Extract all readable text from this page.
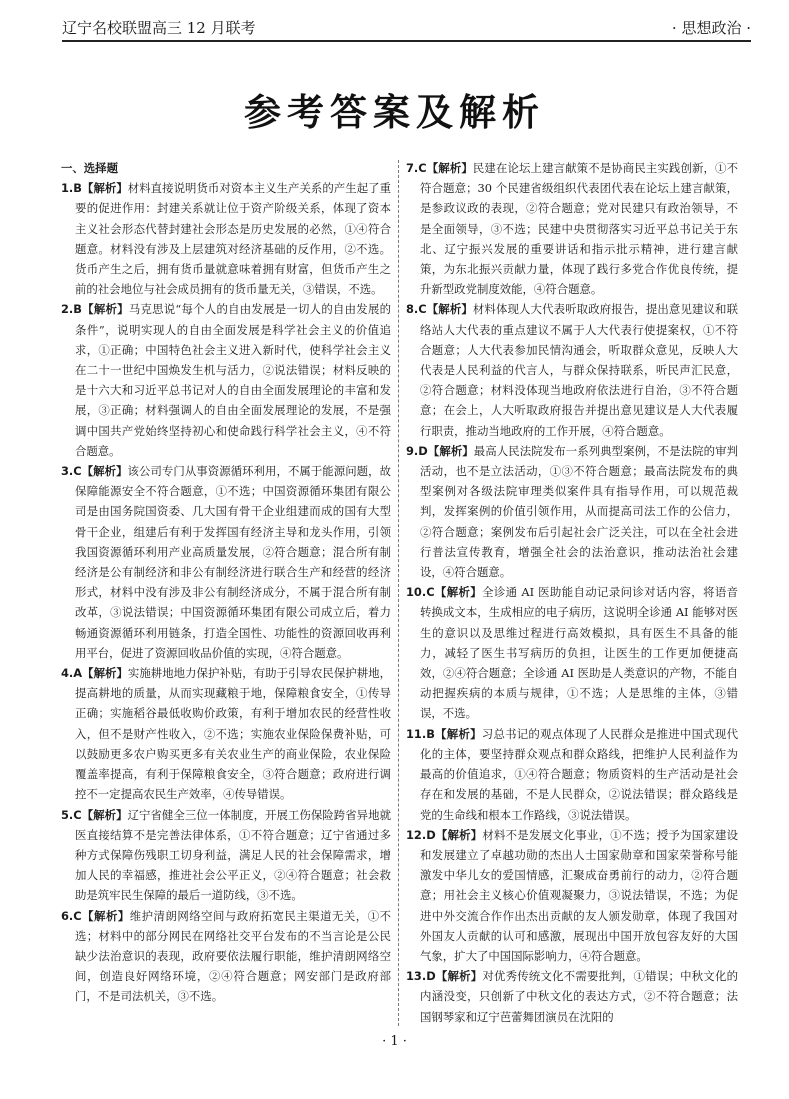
辽宁名校联盟高三 12 月联考	· 思想政治 ·
参考答案及解析

一、选择题

1.B【解析】材料直接说明货币对资本主义生产关系的产生起了重要的促进作用：封建关系就让位于资产阶级关系，体现了资本主义社会形态代替封建社会形态是历史发展的必然，①④符合题意。材料没有涉及上层建筑对经济基础的反作用，②不选。货币产生之后，拥有货币量就意味着拥有财富，但货币产生之前的社会地位与社会成员拥有的货币量无关，③错误，不选。

2.B【解析】马克思说“每个人的自由发展是一切人的自由发展的条件”，说明实现人的自由全面发展是科学社会主义的价值追求，①正确；中国特色社会主义进入新时代，使科学社会主义在二十一世纪中国焕发生机与活力，②说法错误；材料反映的是十六大和习近平总书记对人的自由全面发展理论的丰富和发展，③正确；材料强调人的自由全面发展理论的发展，不是强调中国共产党始终坚持初心和使命践行科学社会主义，④不符合题意。

3.C【解析】该公司专门从事资源循环利用，不属于能源问题，故保障能源安全不符合题意，①不选；中国资源循环集团有限公司是由国务院国资委、几大国有骨干企业组建而成的国有大型骨干企业，组建后有利于发挥国有经济主导和龙头作用，引领我国资源循环利用产业高质量发展，②符合题意；混合所有制经济是公有制经济和非公有制经济进行联合生产和经营的经济形式，材料中没有涉及非公有制经济成分，不属于混合所有制改革，③说法错误；中国资源循环集团有限公司成立后，着力畅通资源循环利用链条，打造全国性、功能性的资源回收再利用平台，促进了资源回收品价值的实现，④符合题意。

4.A【解析】实施耕地地力保护补贴，有助于引导农民保护耕地，提高耕地的质量，从而实现藏粮于地，保障粮食安全，①传导正确；实施稻谷最低收购价政策，有利于增加农民的经营性收入，但不是财产性收入，②不选；实施农业保险保费补贴，可以鼓励更多农户购买更多有关农业生产的商业保险，农业保险覆盖率提高，有利于保障粮食安全，③符合题意；政府进行调控不一定提高农民生产效率，④传导错误。

5.C【解析】辽宁省健全三位一体制度，开展工伤保险跨省异地就医直接结算不是完善法律体系，①不符合题意；辽宁省通过多种方式保障伤残职工切身利益，满足人民的社会保障需求，增加人民的幸福感，推进社会公平正义，②④符合题意；社会救助是筑牢民生保障的最后一道防线，③不选。

6.C【解析】维护清朗网络空间与政府拓宽民主渠道无关，①不选；材料中的部分网民在网络社交平台发布的不当言论是公民缺少法治意识的表现，政府要依法履行职能，维护清朗网络空间，创造良好网络环境，②④符合题意；网安部门是政府部门，不是司法机关，③不选。

7.C【解析】民建在论坛上建言献策不是协商民主实践创新，①不符合题意；30 个民建省级组织代表团代表在论坛上建言献策，是参政议政的表现，②符合题意；党对民建只有政治领导，不是全面领导，③不选；民建中央贯彻落实习近平总书记关于东北、辽宁振兴发展的重要讲话和指示批示精神，进行建言献策，为东北振兴贡献力量，体现了践行多党合作优良传统，提升新型政党制度效能，④符合题意。

8.C【解析】材料体现人大代表听取政府报告，提出意见建议和联络站人大代表的重点建议不属于人大代表行使提案权，①不符合题意；人大代表参加民情沟通会，听取群众意见，反映人大代表是人民利益的代言人，与群众保持联系，听民声汇民意，②符合题意；材料没体现当地政府依法进行自治，③不符合题意；在会上，人大听取政府报告并提出意见建议是人大代表履行职责，推动当地政府的工作开展，④符合题意。

9.D【解析】最高人民法院发布一系列典型案例，不是法院的审判活动，也不是立法活动，①③不符合题意；最高法院发布的典型案例对各级法院审理类似案件具有指导作用，可以规范裁判，发挥案例的价值引领作用，从而提高司法工作的公信力，②符合题意；案例发布后引起社会广泛关注，可以在全社会进行普法宣传教育，增强全社会的法治意识，推动法治社会建设，④符合题意。

10.C【解析】全诊通 AI 医助能自动记录问诊对话内容，将语音转换成文本，生成相应的电子病历，这说明全诊通 AI 能够对医生的意识以及思维过程进行高效模拟，具有医生不具备的能力，减轻了医生书写病历的负担，让医生的工作更加便捷高效，②④符合题意；全诊通 AI 医助是人类意识的产物，不能自动把握疾病的本质与规律，①不选；人是思维的主体，③错误，不选。

11.B【解析】习总书记的观点体现了人民群众是推进中国式现代化的主体，要坚持群众观点和群众路线，把维护人民利益作为最高的价值追求，①④符合题意；物质资料的生产活动是社会存在和发展的基础，不是人民群众，②说法错误；群众路线是党的生命线和根本工作路线，③说法错误。

12.D【解析】材料不是发展文化事业，①不选；授予为国家建设和发展建立了卓越功勋的杰出人士国家勋章和国家荣誉称号能激发中华儿女的爱国情感，汇聚成奋勇前行的动力，②符合题意；用社会主义核心价值观凝聚力，③说法错误，不选；为促进中外交流合作作出杰出贡献的友人颁发勋章，体现了我国对外国友人贡献的认可和感激，展现出中国开放包容友好的大国气象，扩大了中国国际影响力，④符合题意。

13.D【解析】对优秀传统文化不需要批判，①错误；中秋文化的内涵没变，只创新了中秋文化的表达方式，②不符合题意；法国钢琴家和辽宁芭蕾舞团演员在沈阳的

· 1 ·
